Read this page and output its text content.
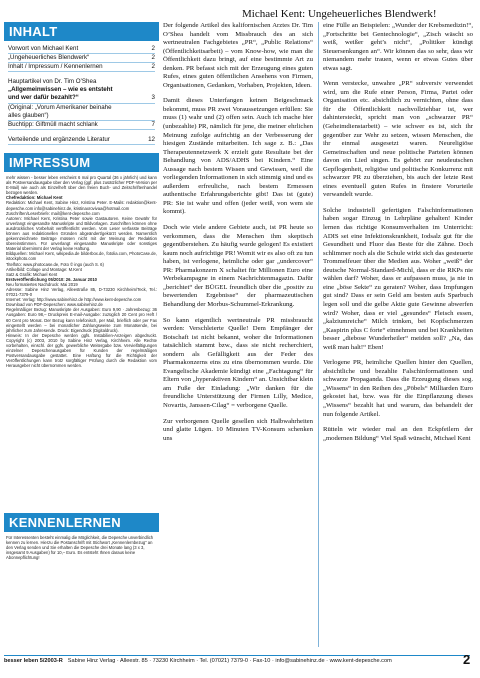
INHALT
Vorwort von Michael Kent	2
„Ungeheuerliches Blendwerk“	2
Inhalt / Impressum / Kennenlernen	2
Hauptartikel von Dr. Tim O’Shea
„Allgemeinwissen – wie es entsteht
und wer dafür bezahlt?“	3
(Original: „Vorum Amerikaner beinahe
alles glauben“)
Buchtipp: Giftmüll macht schlank	7
Verteilende und ergänzende Literatur	12
IMPRESSUM

mehr wissen - besser leben erscheint 6 mal pro Quartal (36 x jährlich) und kann als Postversandausgabe über den Verlag (ggf. plus zusätzlicher PDF-Version per E-Mail) wie auch als Einzelheft über den freien Buch- und Zeitschriftenhandel bezogen werden.

Chefredaktion: Michael Kent

Redaktion: Michael Kent, Sabine Hinz, Kristina Peter. E-Mails: redaktion@kent-depesche.com info@sabinehinz.de, kristinaxrovivaa@hotmail.com

Zuschriften/Leserbriefe: mail@kent-depesche.com

Autoren: Michael Kent, Kristina Peter sowie Gastautoren. Keine Gewähr für unverlangt eingesandte Manuskripte und Bildvorlagen. Zuschriften können ohne ausdrückliches Vorbehalt veröffentlicht werden. Vom Leser verfasste Beiträge können aus redaktionellen Gründen abgeändert/gekürzt werden. Namentlich gekennzeichnete Beiträge müssen nicht mit der Meinung der Redaktion übereinstimmen. Für unverlangt eingesandte Manuskripte oder sonstiges Material übernimmt der Verlag keine Haftung.

Bildquellen: Michael Kent, wikipedia.de bilderbox.de, fotolia.com, PhotoCase.de, istockphoto.com

Titelfoto: www.photocase.de, Foto © ingo (auch S. 6)

Artikelbild: Collage und Montage: M.Kent

Satz & Grafik: Michael Kent

Erstveröffentlichung 05/2010: 26. Januar 2010

Neu formatiertes Nachdruck: Mai 2019

Adresse: Sabine Hinz Verlag, Alleestraße 85, D-73230 Kirchheim/Teck, Tel.: 07021-7379-0

Internet: Verlag: http://www.sabinehinz.de http://www.kent-depesche.com

Download von PDF-Depeschen: www.sabinehinz.de

Regelmäßiger Bezug: Manuskripte der Ausgaben: Euro 9,90 · Jahresbezug: 36 Ausgaben: Euro 98,– Druckpreis E-mail-Ausgabe: zuzüglich 20 Cent pro Heft / 60 Cent pro Monat. Der Bezug kann telefonisch, per Mail, brieflich oder per Fax eingestellt werden – bei monatlicher Zahlungsweise zum Monatsende, bei jährlicher zum Jahresende. Druck: Eigendruck (Digitaldruck).

Hinweis: In der Depesche werden ggfs. Instabilien-Anzeigen abgedruckt. Copyright (c) 2003, 2010 by Sabine Hinz Verlag, Kirchheim. Alle Rechte vorbehalten, einschl. der ggfs. gewerbliche Weitergabe bzw. Vervielfältigungen einzelner Depeschenausgaben für Kunden der regelmäßigen Postversandausgabe gestattet. Eine Haftung für die Richtigkeit der Veröffentlichungen kann trotz sorgfältiger Prüfung durch die Redaktion vom Herausgeber nicht übernommen werden.

KENNENLERNEN
Für Interessenten besteht einmalig die Möglichkeit, die Depesche unverbindlich kennen zu lernen. Hierzu die Postanschrift mit Stichwort „Kennenlernbezug“ an den Verlag senden und Sie erhalten die Depesche drei Monate lang (3 x 3, insgesamt 9 Ausgaben) für 10,– Euro. Es entsteht Ihnen daraus keine Abonnepflichtung!
Michael Kent: Ungeheuerliches Blendwerk!

Der folgende Artikel des kalifornischen Arztes Dr. Tim O’Shea handelt vom Missbrauch des an sich wertneutralen Fachgebietes „PR“, „Public Relations“ (Öffentlichkeitsarbeit) – vom Know-how, wie man die Öffentlichkeit dazu bringt, auf eine bestimmte Art zu denken. PR befasst sich mit der Erzeugung eines guten Rufes, eines guten öffentlichen Ansehens von Firmen, Organisationen, Gedanken, Vorhaben, Projekten, Ideen.

Damit dieses Unterfangen keinen Beigeschmack bekommt, muss PR zwei Voraussetzungen erfüllen: Sie muss (1) wahr und (2) offen sein. Auch ich mache hier (unbezahlte) PR, nämlich für jene, die meiner ehrlichen Meinung zufolge aufrichtig an der Verbesserung der hiesigen Zustände mitarbeiten. Ich sage z. B.: „Das Therapeutennetzwerk X erzielt gute Resultate bei der Behandlung von ADS/ADHS bei Kindern.“ Eine Aussage nach bestem Wissen und Gewissen, weil die vorliegenden Informationen in sich stimmig sind und es außerdem erfreuliche, nach bestem Ermessen authentische Erfahrungsberichte gibt! Das ist (gute) PR: Sie ist wahr und offen (jeder weiß, von wem sie kommt).

Doch wie viele andere Gebiete auch, ist PR heute so verkommen, dass die Menschen ihm skeptisch gegenüberstehen. Zu häufig wurde gelogen! Es existiert kaum noch aufrichtige PR! Womit wir es also oft zu tun haben, ist verlogene, heimliche oder gar „undercover“ PR: Pharmakonzern X schaltet für Millionen Euro eine Werbekampagne in einem Nachrichtenmagazin. Dafür „berichtet“ der BÜGEL freundlich über die „positiv zu bewertenden Ergebnisse“ der pharmazeutischen Behandlung der Morbus-Schummel-Erkrankung.

So kann eigentlich wertneutrale PR missbraucht werden: Verschleierte Quelle! Dem Empfänger der Botschaft ist nicht bekannt, woher die Informationen tatsächlich stammt bzw., dass sie nicht recherchiert, sondern als Gefälligkeit aus der Feder des Pharmakonzerns eins zu eins übernommen wurde. Die Evangelische Akademie kündigt eine „Fachtagung“ für Eltern von „hyperaktiven Kindern“ an. Unsichtbar klein am Fuße der Einladung: „Wir danken für die freundliche Unterstützung der Firmen Lilly, Medice, Novartis, Janssen-Cilag“ = verborgene Quelle.

Zur verborgenen Quelle gesellen sich Halbwahrheiten und glatte Lügen. 10 Minuten TV-Konsum schenken uns

eine Fülle an Beispielen: „Wunder der Krebsmedizin!“, „Fortschritte bei Gentechnologie“, „Zisch wäscht so weiß, weißer geht’s nicht“, „Politiker kündigt Steuersenkungen an“. Wir können das so sehr, dass wir niemandem mehr trauen, wenn er etwas Gutes über etwas sagt.

Wenn verstecke, unwahre „PR“ subversiv verwendet wird, um die Rufe einer Person, Firma, Partei oder Organisation etc. absichtlich zu vernichten, ohne dass für die Öffentlichkeit nachvollziehbar ist, wer dahintersteckt, spricht man von „schwarzer PR“ (Geheimdienstarbeit) – wie schwer es ist, sich ihr gegenüber zur Wehr zu setzen, wissen Menschen, die ihr einmal ausgesetzt waren. Neureligiöse Gemeinschaften und neue politische Parteien können davon ein Lied singen. Es gehört zur neudeutschen Gepflogenheit, religiöse und politische Konkurrenz mit schwarzer PR zu überziehen, bis auch der letzte Rest eines eventuell guten Rufes in finstere Vorurteile verwandelt wurde.

Solche industriell gefertigten Falschinformationen haben sogar Einzug in Lehrpläne gehalten! Kinder lernen das richtige Konsumverhalten im Unterricht: ADIS sei eine Infektionskrankheit, Iodsalz gut für die Gesundheit und Fluor das Beste für die Zähne. Doch schlimmer noch als die Schule wirkt sich das gesteuerte Trommelfeuer über die Medien aus. Woher „weiß“ der deutsche Normal-Standard-Michl, dass er die RKPs nie wählen darf? Woher, dass er aufpassen muss, ja nie in eine „böse Sekte“ zu geraten? Woher, dass Impfungen gut sind? Dass er sein Geld am besten aufs Sparbuch legen soll und die gelbe Aktie gute Gewinne abwerfen wird? Woher, dass er viel „gesundes“ Fleisch essen, „kalziumreiche“ Milch trinken, bei Kopfschmerzen „Kaspirin plus C forte“ einnehmen und bei Krankheiten besser „diebose Wunderheiler“ meiden soll? „Na, das weiß man halt!“ Eben!

Verlogene PR, heimliche Quellen hinter den Quellen, absichtliche und bezahlte Falschinformationen und schwarze Propaganda. Dass die Erzeugung dieses sog. „Wissens“ in den Reihen des „Pöbels“ Milliarden Euro gekostet hat, bzw. was für die Einpflanzung dieses „Wissens“ bezahlt hat und warum, das behandelt der nun folgende Artikel.

Rütteln wir wieder mal an den Eckpfeilern der „modernen Bildung“ Viel Spaß wünscht, Michael Kent

besser leben 5/2003-R Sabine Hinz Verlag · Alleestr. 85 · 73230 Kirchheim · Tel. (07021) 7379-0 · Fax-10 · info@sabinehinz.de · www.kent-depesche.com	2
